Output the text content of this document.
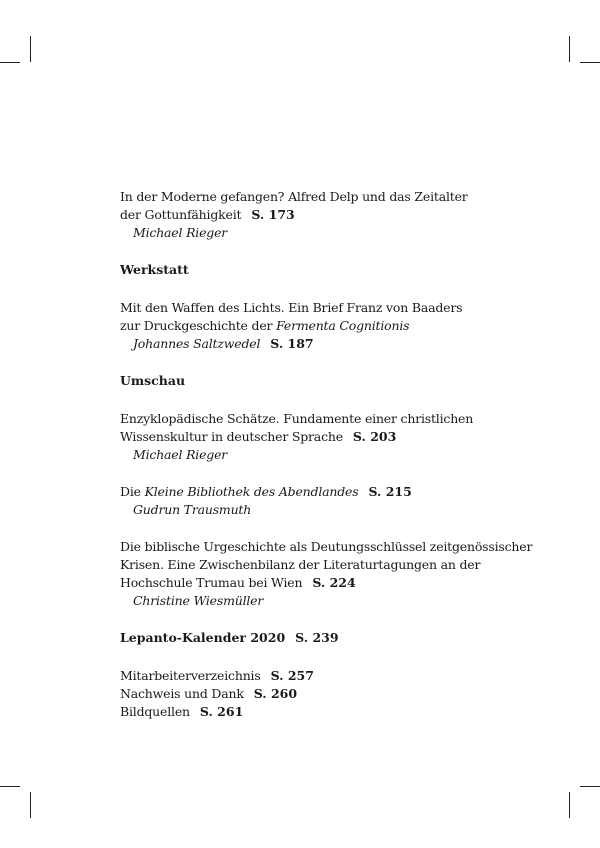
In der Moderne gefangen? Alfred Delp und das Zeitalter
der Gottunfähigkeit S. 173
Michael Rieger
Werkstatt
Mit den Waffen des Lichts. Ein Brief Franz von Baaders
zur Druckgeschichte der Fermenta Cognitionis
Johannes Saltzwedel S. 187
Umschau
Enzyklopädische Schätze. Fundamente einer christlichen
Wissenskultur in deutscher Sprache S. 203
Michael Rieger
Die Kleine Bibliothek des Abendlandes S. 215
Gudrun Trausmuth
Die biblische Urgeschichte als Deutungsschlüssel zeitgenössischer
Krisen. Eine Zwischenbilanz der Literaturtagungen an der
Hochschule Trumau bei Wien S. 224
Christine Wiesmüller
Lepanto-Kalender 2020 S. 239
Mitarbeiterverzeichnis S. 257
Nachweis und Dank S. 260
Bildquellen S. 261
